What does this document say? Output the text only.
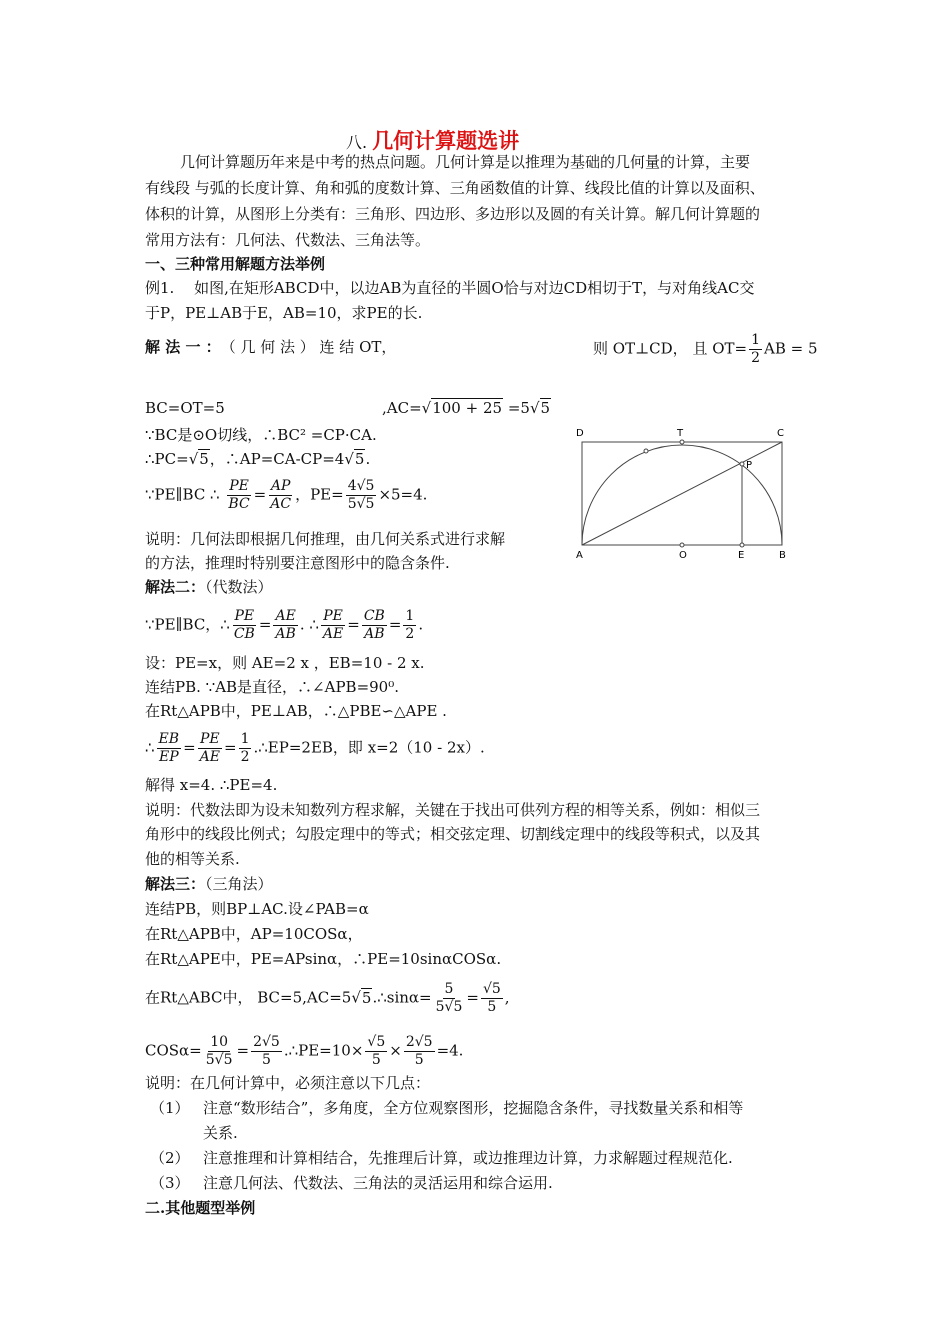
八. 几何计算题选讲
几何计算题历年来是中考的热点问题。几何计算是以推理为基础的几何量的计算，主要
有线段 与弧的长度计算、角和弧的度数计算、三角函数值的计算、线段比值的计算以及面积、
体积的计算，从图形上分类有：三角形、四边形、多边形以及圆的有关计算。解几何计算题的
常用方法有：几何法、代数法、三角法等。
一、三种常用解题方法举例
例1.　 如图,在矩形ABCD中，以边AB为直径的半圆O恰与对边CD相切于T，与对角线AC交
于P，PE⊥AB于E，AB=10，求PE的长.
解 法 一 ：　 （ 几 何 法 ） 连 结 OT，	则 OT⊥CD， 且 $OT= \frac{1}{2}$ AB = 5
BC=OT=5	,AC=√100 + 25 =5√5
∵BC是⊙O切线，∴BC² =CP·CA.
∴PC=√5，∴AP=CA-CP=4√5.
∵PE∥BC ∴ $\frac{PE}{BC} = \frac{AP}{AC}$ ，$PE= \frac{4√5}{5√5} \times 5=4$.
说明：几何法即根据几何推理，由几何关系式进行求解
的方法，推理时特别要注意图形中的隐含条件.
D	T	C
P
A	O	E	B
解法二：（代数法）
∵PE∥BC，∴ $\frac{PE}{CB} = \frac{AE}{AB}$ . ∴ $\frac{PE}{AE} = \frac{CB}{AB} = \frac{1}{2}$ .
设：PE=x，则 AE=2 x ，EB=10 - 2 x.
连结PB. ∵AB是直径，∴∠APB=90⁰.
在Rt△APB中，PE⊥AB，∴△PBE∽△APE .
∴ $\frac{EB}{EP} = \frac{PE}{AE} = \frac{1}{2}$ .∴EP=2EB，即 x=2（10 - 2x）.
解得 x=4. ∴PE=4.
说明：代数法即为设未知数列方程求解，关键在于找出可供列方程的相等关系，例如：相似三
角形中的线段比例式；勾股定理中的等式；相交弦定理、切割线定理中的线段等积式，以及其
他的相等关系.
解法三：（三角法）
连结PB，则BP⊥AC.设∠PAB=α
在Rt△APB中，AP=10COSα，
在Rt△APE中，PE=APsinα，∴PE=10sinαCOSα.
在Rt△ABC中， BC=5,AC=5√5.∴sinα= $\frac{5}{5√5} = \frac{√5}{5}$ ,
$COS\alpha= \frac{10}{5√5} = \frac{2√5}{5}$ .∴PE=10× $\frac{√5}{5} \times \frac{2√5}{5} =4$.
说明：在几何计算中，必须注意以下几点：
（1） 注意“数形结合”，多角度，全方位观察图形，挖掘隐含条件，寻找数量关系和相等
关系.
（2） 注意推理和计算相结合，先推理后计算，或边推理边计算，力求解题过程规范化.
（3） 注意几何法、代数法、三角法的灵活运用和综合运用.
二.其他题型举例
